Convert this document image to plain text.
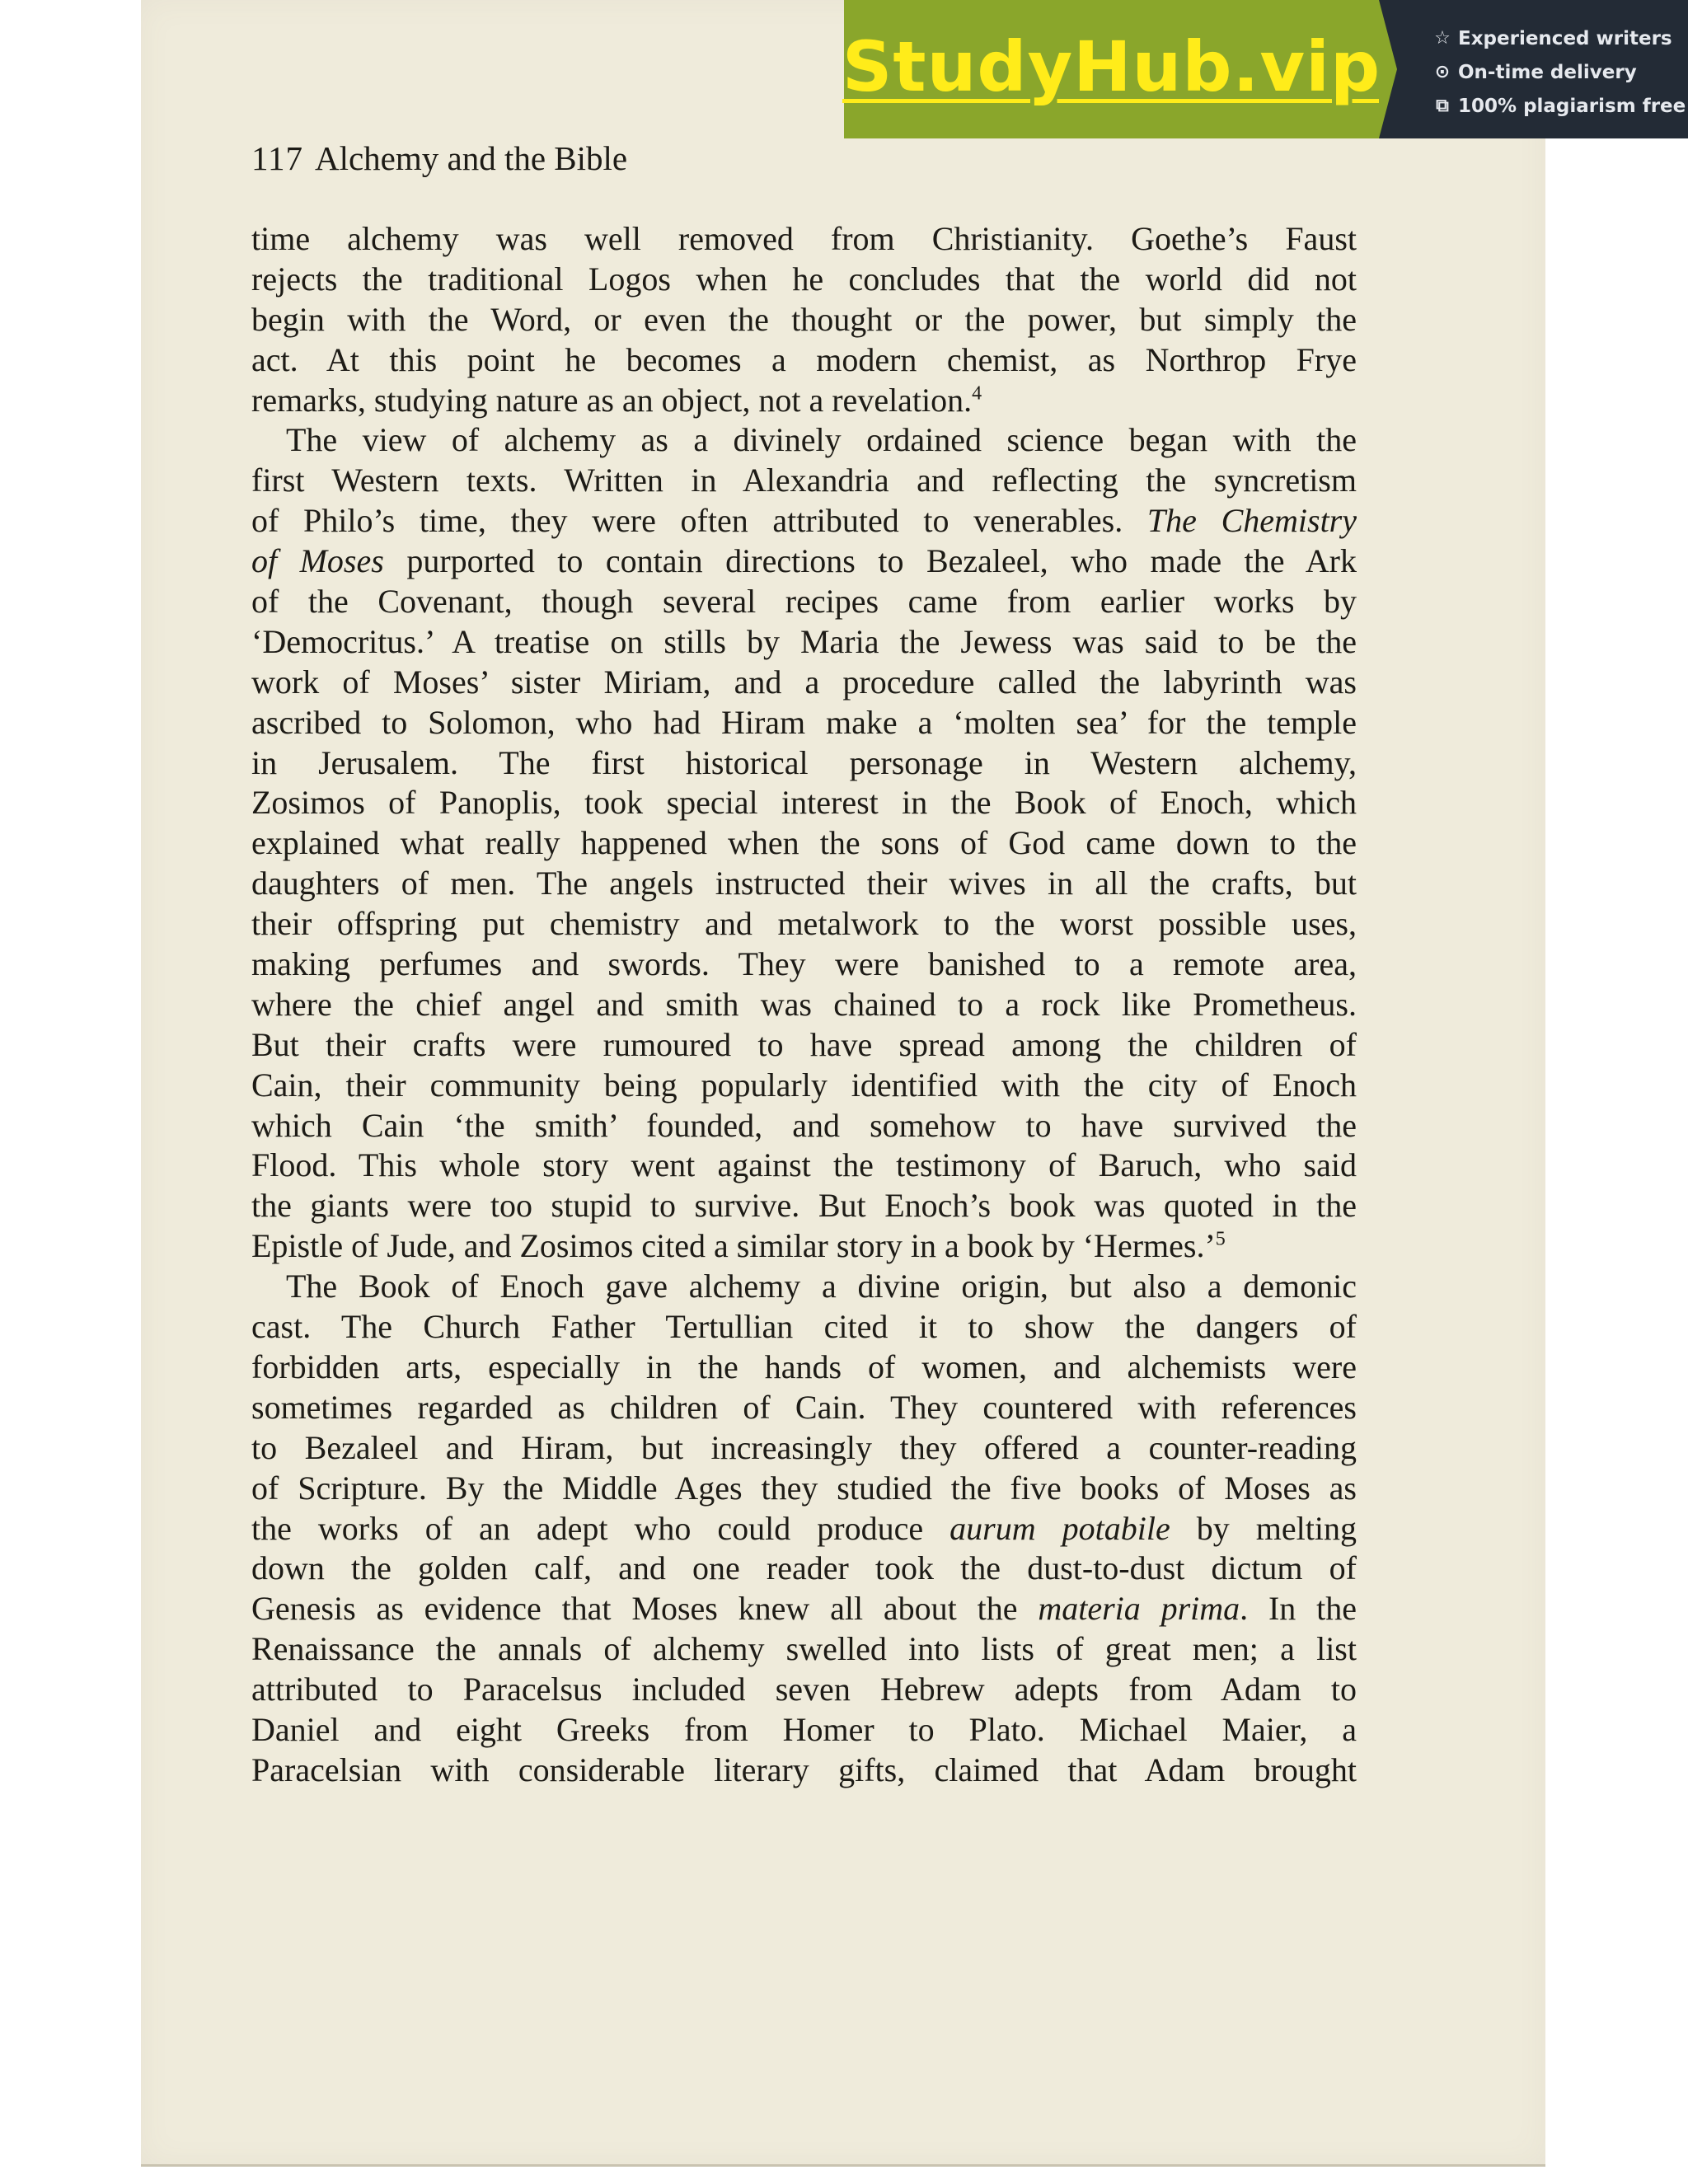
StudyHub.vip	☆ Experienced writers
⊙ On-time delivery
⧉ 100% plagiarism free
117 Alchemy and the Bible
time alchemy was well removed from Christianity. Goethe’s Faust
rejects the traditional Logos when he concludes that the world did not
begin with the Word, or even the thought or the power, but simply the
act. At this point he becomes a modern chemist, as Northrop Frye
remarks, studying nature as an object, not a revelation.$^4$
The view of alchemy as a divinely ordained science began with the
first Western texts. Written in Alexandria and reflecting the syncretism
of Philo’s time, they were often attributed to venerables. The Chemistry
of Moses purported to contain directions to Bezaleel, who made the Ark
of the Covenant, though several recipes came from earlier works by
‘Democritus.’ A treatise on stills by Maria the Jewess was said to be the
work of Moses’ sister Miriam, and a procedure called the labyrinth was
ascribed to Solomon, who had Hiram make a ‘molten sea’ for the temple
in Jerusalem. The first historical personage in Western alchemy,
Zosimos of Panoplis, took special interest in the Book of Enoch, which
explained what really happened when the sons of God came down to the
daughters of men. The angels instructed their wives in all the crafts, but
their offspring put chemistry and metalwork to the worst possible uses,
making perfumes and swords. They were banished to a remote area,
where the chief angel and smith was chained to a rock like Prometheus.
But their crafts were rumoured to have spread among the children of
Cain, their community being popularly identified with the city of Enoch
which Cain ‘the smith’ founded, and somehow to have survived the
Flood. This whole story went against the testimony of Baruch, who said
the giants were too stupid to survive. But Enoch’s book was quoted in the
Epistle of Jude, and Zosimos cited a similar story in a book by ‘Hermes.’$^5$
The Book of Enoch gave alchemy a divine origin, but also a demonic
cast. The Church Father Tertullian cited it to show the dangers of
forbidden arts, especially in the hands of women, and alchemists were
sometimes regarded as children of Cain. They countered with references
to Bezaleel and Hiram, but increasingly they offered a counter-reading
of Scripture. By the Middle Ages they studied the five books of Moses as
the works of an adept who could produce aurum potabile by melting
down the golden calf, and one reader took the dust-to-dust dictum of
Genesis as evidence that Moses knew all about the materia prima. In the
Renaissance the annals of alchemy swelled into lists of great men; a list
attributed to Paracelsus included seven Hebrew adepts from Adam to
Daniel and eight Greeks from Homer to Plato. Michael Maier, a
Paracelsian with considerable literary gifts, claimed that Adam brought
